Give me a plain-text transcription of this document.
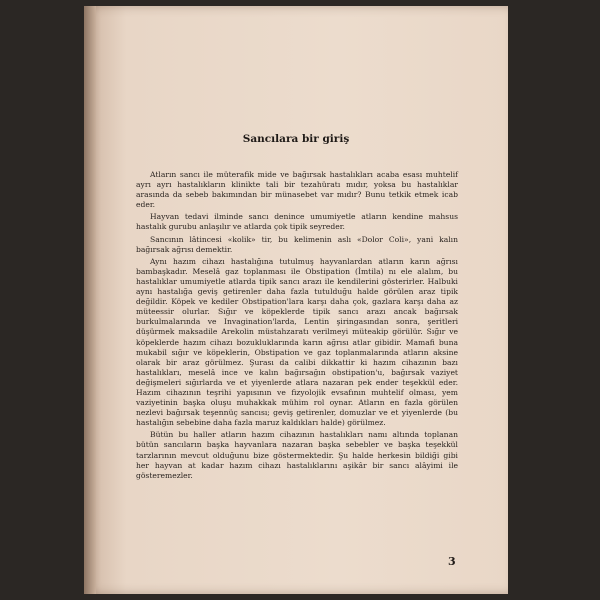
Sancılara bir giriş

Atların sancı ile müterafik mide ve bağırsak hastalıkları acaba esası muhtelif ayrı ayrı hastalıkların klinikte tali bir tezahüratı mıdır, yoksa bu hastalıklar arasında da sebeb bakımından bir münasebet var mıdır? Bunu tetkik etmek icab eder.

Hayvan tedavi ilminde sancı denince umumiyetle atların kendine mahsus hastalık gurubu anlaşılır ve atlarda çok tipik seyreder.

Sancının lâtincesi «kolik» tir, bu kelimenin aslı «Dolor Coli», yani kalın bağırsak ağrısı demektir.

Aynı hazım cihazı hastalığına tutulmuş hayvanlardan atların karın ağrısı bambaşkadır. Meselâ gaz toplanması ile Obstipation (İmtila) nı ele alalım, bu hastalıklar umumiyetle atlarda tipik sancı arazı ile kendilerini gösterirler. Halbuki aynı hastalığa geviş getirenler daha fazla tutulduğu halde görülen araz tipik değildir. Köpek ve kediler Obstipation'lara karşı daha çok, gazlara karşı daha az müteessir olurlar. Sığır ve köpeklerde tipik sancı arazı ancak bağırsak burkulmalarında ve Invagination'larda, Lentin şiringasından sonra, şeritleri düşürmek maksadile Arekolin müstahzaratı verilmeyi müteakip görülür. Sığır ve köpeklerde hazım cihazı bozukluklarında karın ağrısı atlar gibidir. Mamafi buna mukabil sığır ve köpeklerin, Obstipation ve gaz toplanmalarında atların aksine olarak bir araz görülmez. Şurası da calibi dikkattir ki hazım cihazının bazı hastalıkları, meselâ ince ve kalın bağırsağın obstipation'u, bağırsak vaziyet değişmeleri sığırlarda ve et yiyenlerde atlara nazaran pek ender teşekkül eder. Hazım cihazının teşrihi yapısının ve fizyolojik evsafının muhtelif olması, yem vaziyetinin başka oluşu muhakkak mühim rol oynar. Atların en fazla görülen nezlevi bağırsak teşennüç sancısı; geviş getirenler, domuzlar ve et yiyenlerde (bu hastalığın sebebine daha fazla maruz kaldıkları halde) görülmez.

Bütün bu haller atların hazım cihazının hastalıkları namı altında toplanan bütün sancıların başka hayvanlara nazaran başka sebebler ve başka teşekkül tarzlarının mevcut olduğunu bize göstermektedir. Şu halde herkesin bildiği gibi her hayvan at kadar hazım cihazı hastalıklarını aşikâr bir sancı alâyimi ile gösteremezler.

3
